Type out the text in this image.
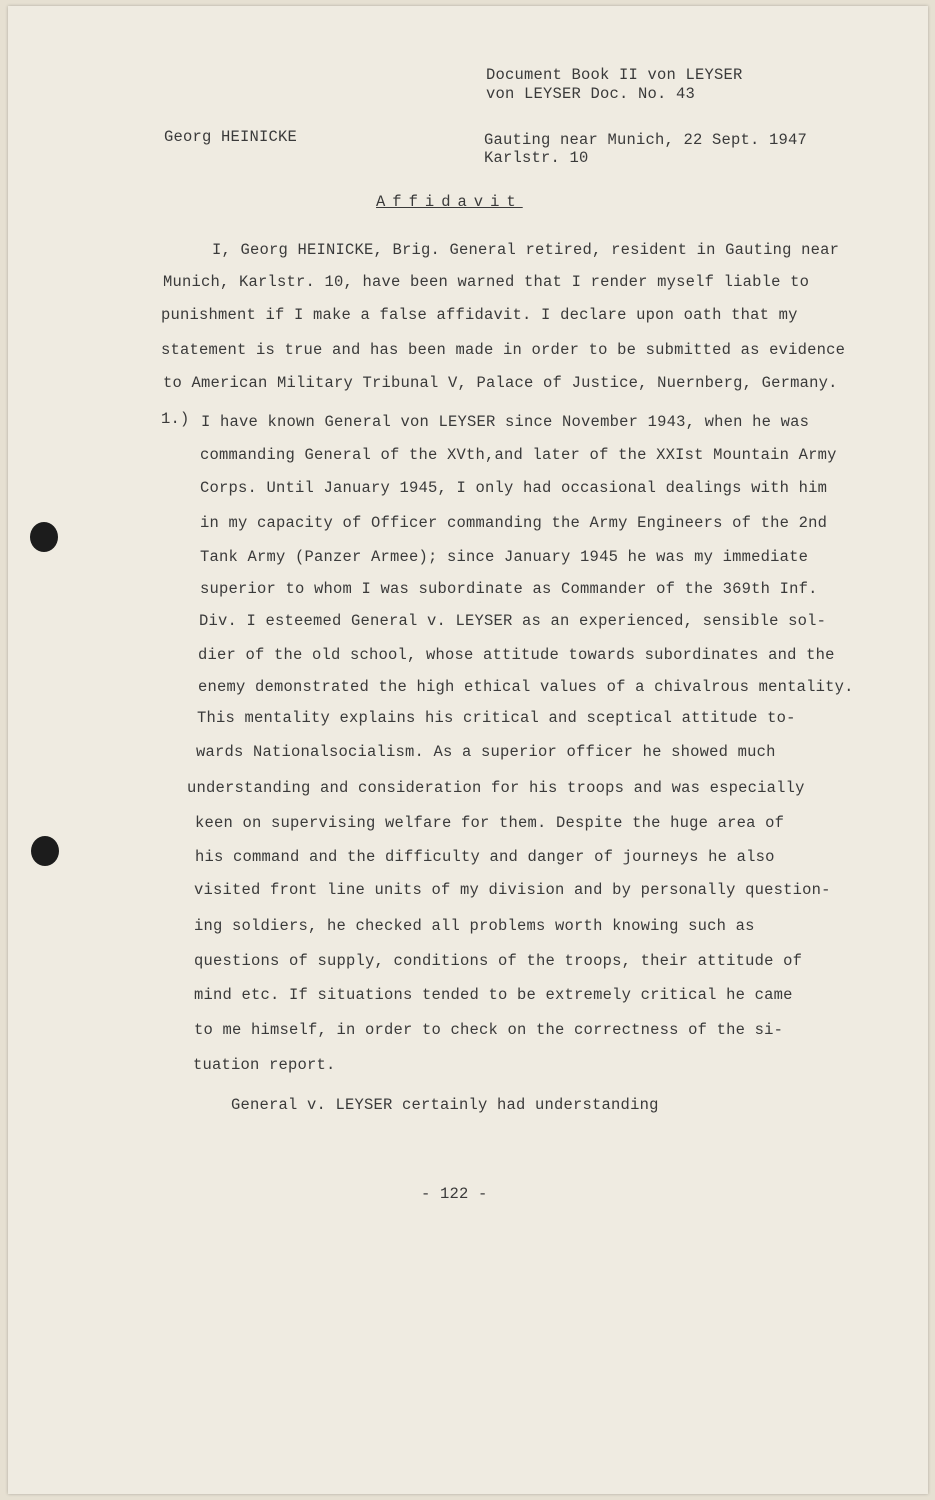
Document Book II von LEYSER
von LEYSER Doc. No. 43
Georg HEINICKE	Gauting near Munich, 22 Sept. 1947
Karlstr. 10
Affidavit
I, Georg HEINICKE, Brig. General retired, resident in Gauting near
Munich, Karlstr. 10, have been warned that I render myself liable to
punishment if I make a false affidavit. I declare upon oath that my
statement is true and has been made in order to be submitted as evidence
to American Military Tribunal V, Palace of Justice, Nuernberg, Germany.
1.) I have known General von LEYSER since November 1943, when he was
commanding General of the XVth,and later of the XXIst Mountain Army
Corps. Until January 1945, I only had occasional dealings with him
in my capacity of Officer commanding the Army Engineers of the 2nd
Tank Army (Panzer Armee); since January 1945 he was my immediate
superior to whom I was subordinate as Commander of the 369th Inf.
Div. I esteemed General v. LEYSER as an experienced, sensible sol-
dier of the old school, whose attitude towards subordinates and the
enemy demonstrated the high ethical values of a chivalrous mentality.
This mentality explains his critical and sceptical attitude to-
wards Nationalsocialism. As a superior officer he showed much
understanding and consideration for his troops and was especially
keen on supervising welfare for them. Despite the huge area of
his command and the difficulty and danger of journeys he also
visited front line units of my division and by personally question-
ing soldiers, he checked all problems worth knowing such as
questions of supply, conditions of the troops, their attitude of
mind etc. If situations tended to be extremely critical he came
to me himself, in order to check on the correctness of the si-
tuation report.
General v. LEYSER certainly had understanding
- 122 -
